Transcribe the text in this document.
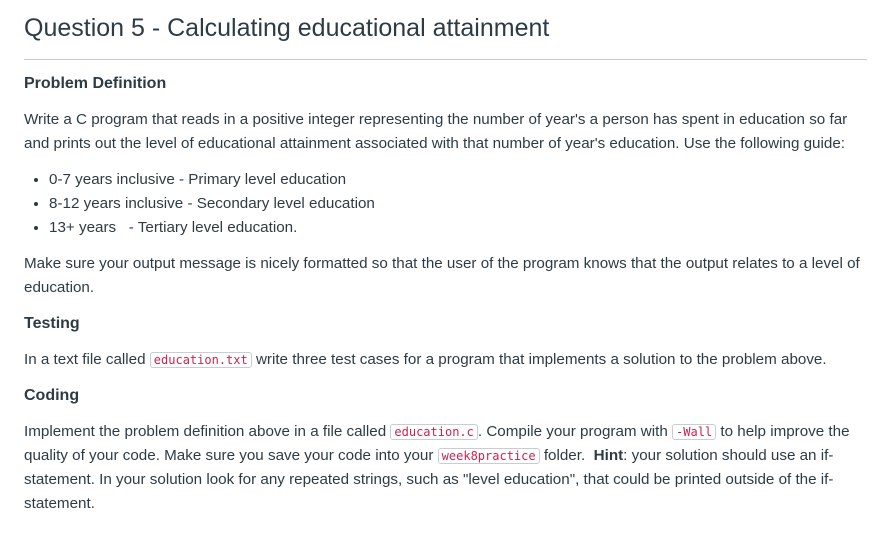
Question 5 - Calculating educational attainment
Problem Definition

Write a C program that reads in a positive integer representing the number of year's a person has spent in education so far and prints out the level of educational attainment associated with that number of year's education. Use the following guide:

• 0-7 years inclusive - Primary level education
• 8-12 years inclusive - Secondary level education
• 13+ years   - Tertiary level education.

Make sure your output message is nicely formatted so that the user of the program knows that the output relates to a level of education.

Testing

In a text file called education.txt write three test cases for a program that implements a solution to the problem above.

Coding

Implement the problem definition above in a file called education.c . Compile your program with -Wall to help improve the quality of your code. Make sure you save your code into your week8practice folder.  Hint: your solution should use an if-statement. In your solution look for any repeated strings, such as "level education", that could be printed outside of the if-statement.
